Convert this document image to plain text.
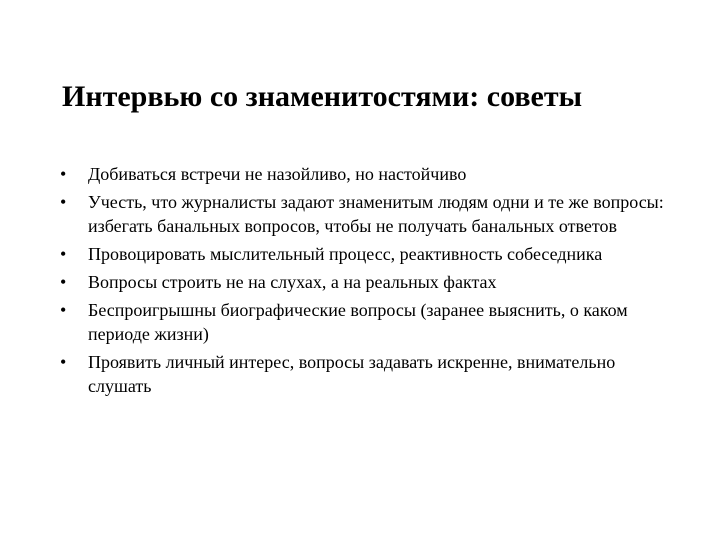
Интервью со знаменитостями: советы
•	Добиваться встречи не назойливо, но настойчиво
•	Учесть, что журналисты задают знаменитым людям одни и те же вопросы: избегать банальных вопросов, чтобы не получать банальных ответов
•	Провоцировать мыслительный процесс, реактивность собеседника
•	Вопросы строить не на слухах, а на реальных фактах
•	Беспроигрышны биографические вопросы (заранее выяснить, о каком периоде жизни)
•	Проявить личный интерес, вопросы задавать искренне, внимательно слушать
